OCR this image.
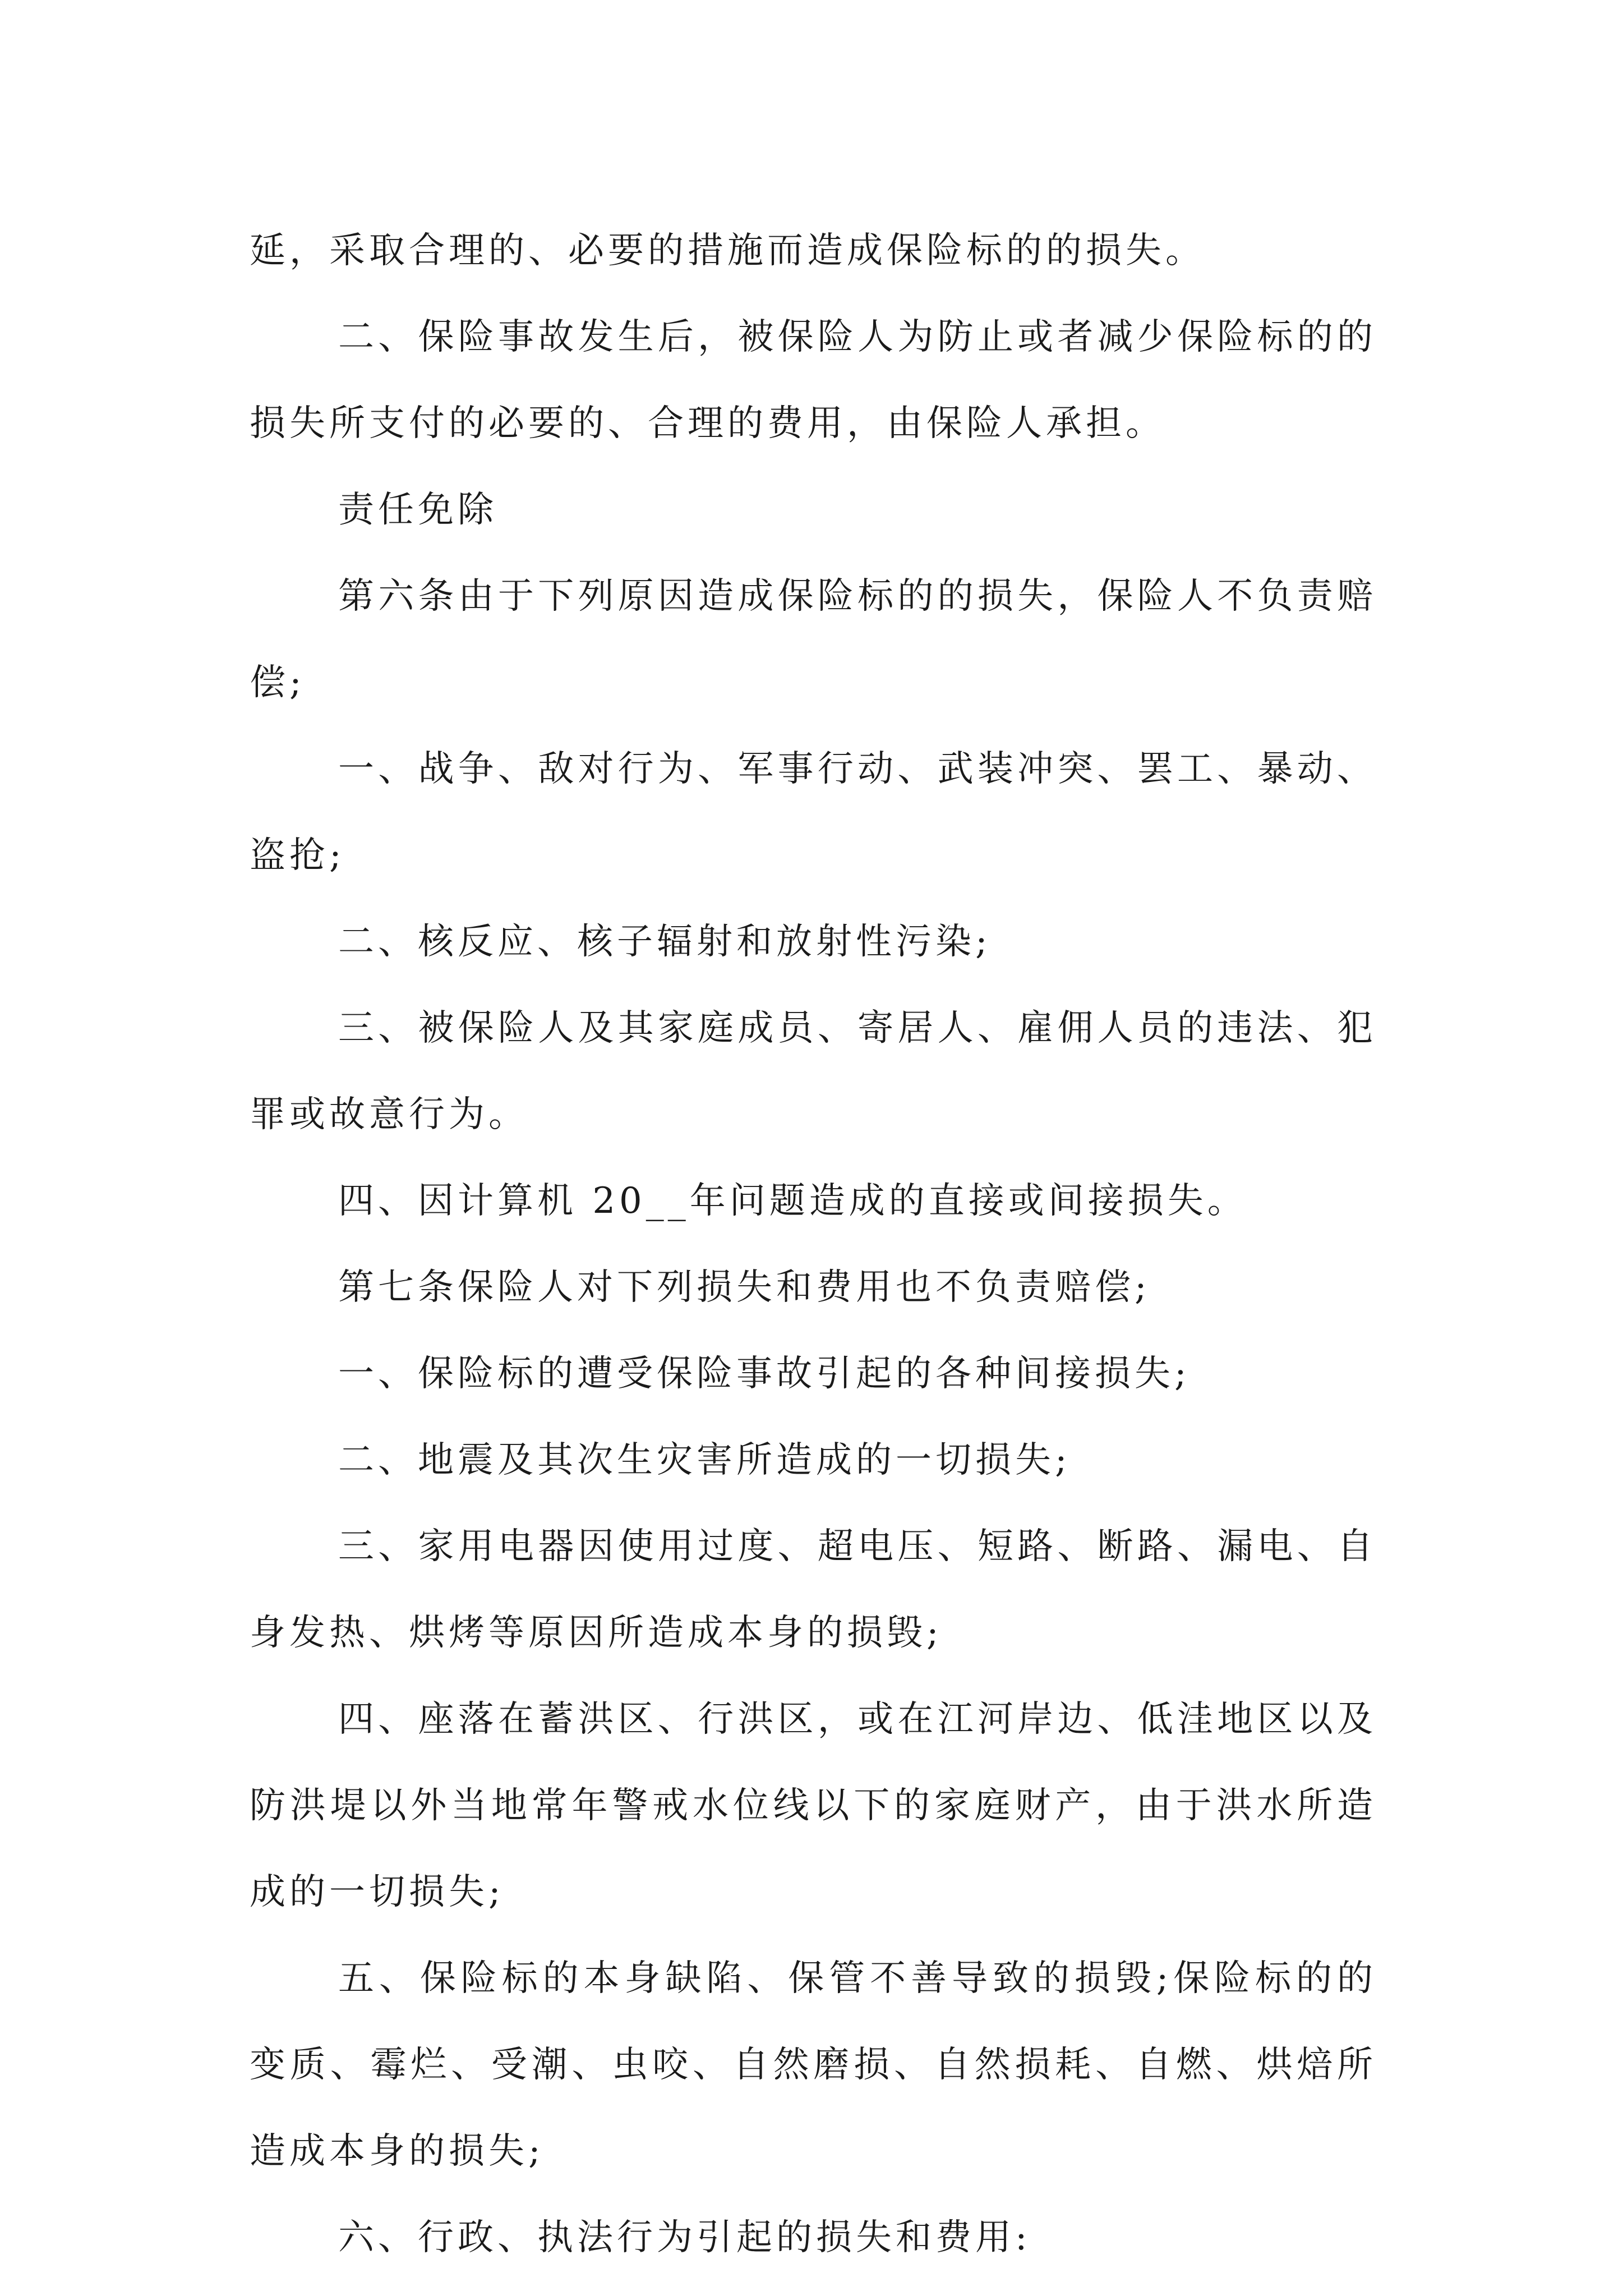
延，采取合理的、必要的措施而造成保险标的的损失。

二、保险事故发生后，被保险人为防止或者减少保险标的的损失所支付的必要的、合理的费用，由保险人承担。

责任免除

第六条由于下列原因造成保险标的的损失，保险人不负责赔偿;

一、战争、敌对行为、军事行动、武装冲突、罢工、暴动、盗抢;

二、核反应、核子辐射和放射性污染;

三、被保险人及其家庭成员、寄居人、雇佣人员的违法、犯罪或故意行为。

四、因计算机 20__年问题造成的直接或间接损失。

第七条保险人对下列损失和费用也不负责赔偿;

一、保险标的遭受保险事故引起的各种间接损失;

二、地震及其次生灾害所造成的一切损失;

三、家用电器因使用过度、超电压、短路、断路、漏电、自身发热、烘烤等原因所造成本身的损毁;

四、座落在蓄洪区、行洪区，或在江河岸边、低洼地区以及防洪堤以外当地常年警戒水位线以下的家庭财产，由于洪水所造成的一切损失;

五、保险标的本身缺陷、保管不善导致的损毁;保险标的的变质、霉烂、受潮、虫咬、自然磨损、自然损耗、自燃、烘焙所造成本身的损失;

六、行政、执法行为引起的损失和费用:
